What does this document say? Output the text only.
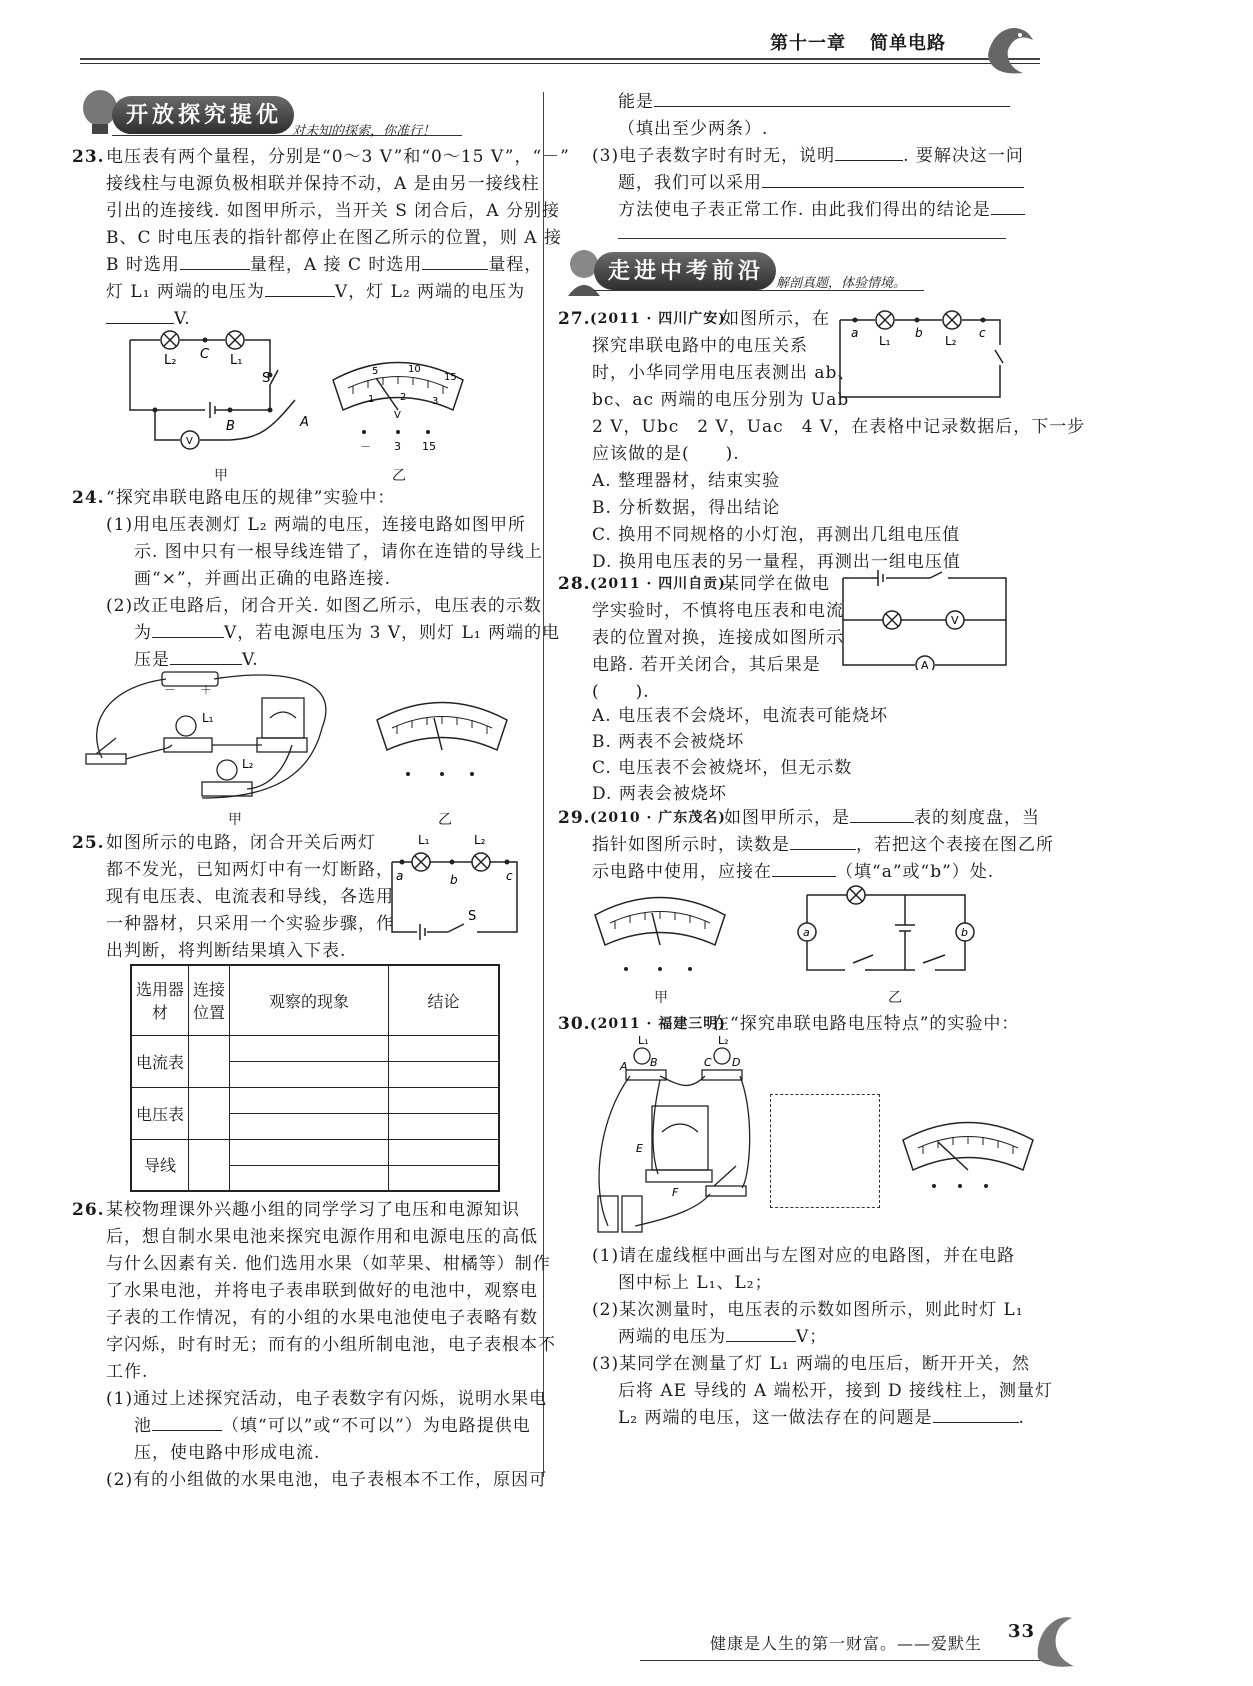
第十一章 简单电路
开放探究提优
对未知的探索，你准行！
23. 电压表有两个量程，分别是“0～3 V”和“0～15 V”，“－”
接线柱与电源负极相联并保持不动，A 是由另一接线柱
引出的连接线. 如图甲所示，当开关 S 闭合后，A 分别接
B、C 时电压表的指针都停止在图乙所示的位置，则 A 接
B 时选用	量程，A 接 C 时选用	量程，
灯 L₁ 两端的电压为	V，灯 L₂ 两端的电压为
V.
L₂ C L₁
S
B	A
V
甲
5	10
15
1	2	3
V
－ 3 15
乙
24. “探究串联电路电压的规律”实验中：
(1)用电压表测灯 L₂ 两端的电压，连接电路如图甲所
示. 图中只有一根导线连错了，请你在连错的导线上
画“×”，并画出正确的电路连接.
(2)改正电路后，闭合开关. 如图乙所示，电压表的示数
为	V，若电源电压为 3 V，则灯 L₁ 两端的电
压是	V.
－ ＋
L₁
L₂
甲	乙
25. 如图所示的电路，闭合开关后两灯
都不发光，已知两灯中有一灯断路，
现有电压表、电流表和导线，各选用
一种器材，只采用一个实验步骤，作
出判断，将判断结果填入下表.
L₁	L₂
a	b	c
S
选用器材	连接位置	观察的现象	结论
电流表			

电压表			

导线			

26. 某校物理课外兴趣小组的同学学习了电压和电源知识
后，想自制水果电池来探究电源作用和电源电压的高低
与什么因素有关. 他们选用水果（如苹果、柑橘等）制作
了水果电池，并将电子表串联到做好的电池中，观察电
子表的工作情况，有的小组的水果电池使电子表略有数
字闪烁，时有时无；而有的小组所制电池，电子表根本不
工作.
(1)通过上述探究活动，电子表数字有闪烁，说明水果电
池	（填“可以”或“不可以”）为电路提供电
压，使电路中形成电流.
(2)有的小组做的水果电池，电子表根本不工作，原因可
能是
（填出至少两条）.
(3)电子表数字时有时无，说明	. 要解决这一问
题，我们可以采用
方法使电子表正常工作. 由此我们得出的结论是
走进中考前沿 解剖真题，体验情境。
27. (2011 · 四川广安)
如图所示，在
探究串联电路中的电压关系
时，小华同学用电压表测出 ab、
bc、ac 两端的电压分别为 Uab
2 V，Ubc　2 V，Uac　4 V，在表格中记录数据后，下一步
应该做的是(　　).
A. 整理器材，结束实验
B. 分析数据，得出结论
C. 换用不同规格的小灯泡，再测出几组电压值
D. 换用电压表的另一量程，再测出一组电压值
a	b	c
L₁	L₂
28. (2011 · 四川自贡)
某同学在做电
学实验时，不慎将电压表和电流
表的位置对换，连接成如图所示
电路. 若开关闭合，其后果是
(　　).
A. 电压表不会烧坏，电流表可能烧坏
B. 两表不会被烧坏
C. 电压表不会被烧坏，但无示数
D. 两表会被烧坏
V
A
29. (2010 · 广东茂名)
如图甲所示，是	表的刻度盘，当
指针如图所示时，读数是	，若把这个表接在图乙所
示电路中使用，应接在	（填“a”或“b”）处.
甲
a	b
乙
30. (2011 · 福建三明)
在“探究串联电路电压特点”的实验中：
L₁	L₂
A B	C D
E
F
(1)请在虚线框中画出与左图对应的电路图，并在电路
图中标上 L₁、L₂；
(2)某次测量时，电压表的示数如图所示，则此时灯 L₁
两端的电压为	V；
(3)某同学在测量了灯 L₁ 两端的电压后，断开开关，然
后将 AE 导线的 A 端松开，接到 D 接线柱上，测量灯
L₂ 两端的电压，这一做法存在的问题是	.
健康是人生的第一财富。——爱默生
33
